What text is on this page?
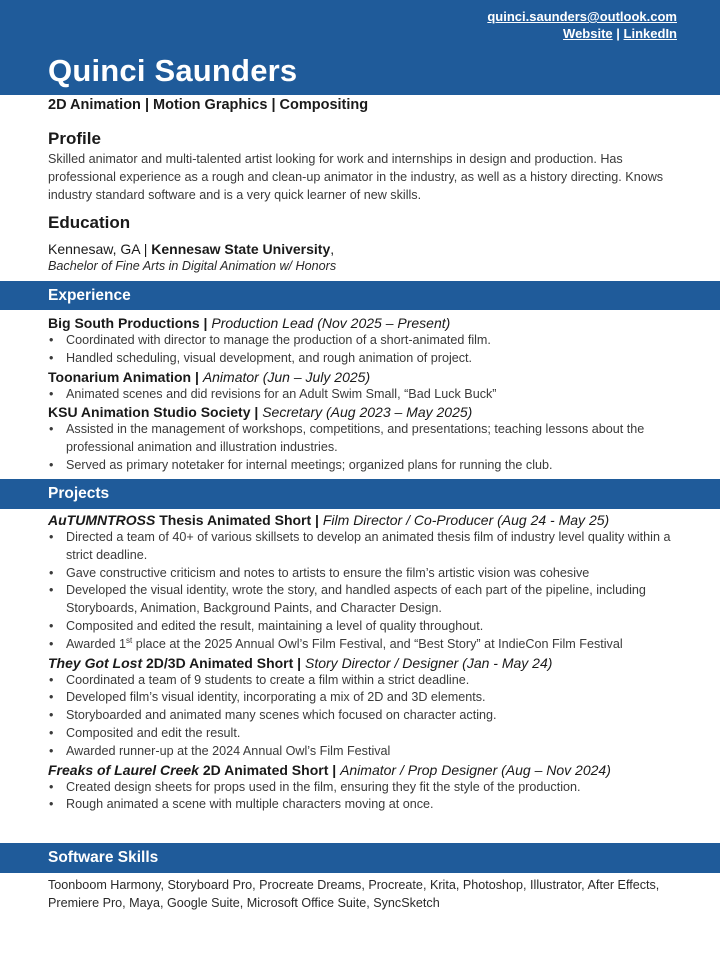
quinci.saunders@outlook.com
Website | LinkedIn
Quinci Saunders
2D Animation | Motion Graphics | Compositing
Profile
Skilled animator and multi-talented artist looking for work and internships in design and production. Has professional experience as a rough and clean-up animator in the industry, as well as a history directing. Knows industry standard software and is a very quick learner of new skills.
Education
Kennesaw, GA | Kennesaw State University,
Bachelor of Fine Arts in Digital Animation w/ Honors
Experience
Big South Productions | Production Lead (Nov 2025 – Present)
• Coordinated with director to manage the production of a short-animated film.
• Handled scheduling, visual development, and rough animation of project.
Toonarium Animation | Animator (Jun – July 2025)
• Animated scenes and did revisions for an Adult Swim Small, “Bad Luck Buck”
KSU Animation Studio Society | Secretary (Aug 2023 – May 2025)
• Assisted in the management of workshops, competitions, and presentations; teaching lessons about the professional animation and illustration industries.
• Served as primary notetaker for internal meetings; organized plans for running the club.
Projects
AuTUMNTROSS Thesis Animated Short | Film Director / Co-Producer (Aug 24 - May 25)
• Directed a team of 40+ of various skillsets to develop an animated thesis film of industry level quality within a strict deadline.
• Gave constructive criticism and notes to artists to ensure the film’s artistic vision was cohesive
• Developed the visual identity, wrote the story, and handled aspects of each part of the pipeline, including Storyboards, Animation, Background Paints, and Character Design.
• Composited and edited the result, maintaining a level of quality throughout.
• Awarded 1st place at the 2025 Annual Owl’s Film Festival, and “Best Story” at IndieCon Film Festival
They Got Lost 2D/3D Animated Short | Story Director / Designer (Jan - May 24)
• Coordinated a team of 9 students to create a film within a strict deadline.
• Developed film’s visual identity, incorporating a mix of 2D and 3D elements.
• Storyboarded and animated many scenes which focused on character acting.
• Composited and edit the result.
• Awarded runner-up at the 2024 Annual Owl’s Film Festival
Freaks of Laurel Creek 2D Animated Short | Animator / Prop Designer (Aug – Nov 2024)
• Created design sheets for props used in the film, ensuring they fit the style of the production.
• Rough animated a scene with multiple characters moving at once.
Software Skills
Toonboom Harmony, Storyboard Pro, Procreate Dreams, Procreate, Krita, Photoshop, Illustrator, After Effects, Premiere Pro, Maya, Google Suite, Microsoft Office Suite, SyncSketch
